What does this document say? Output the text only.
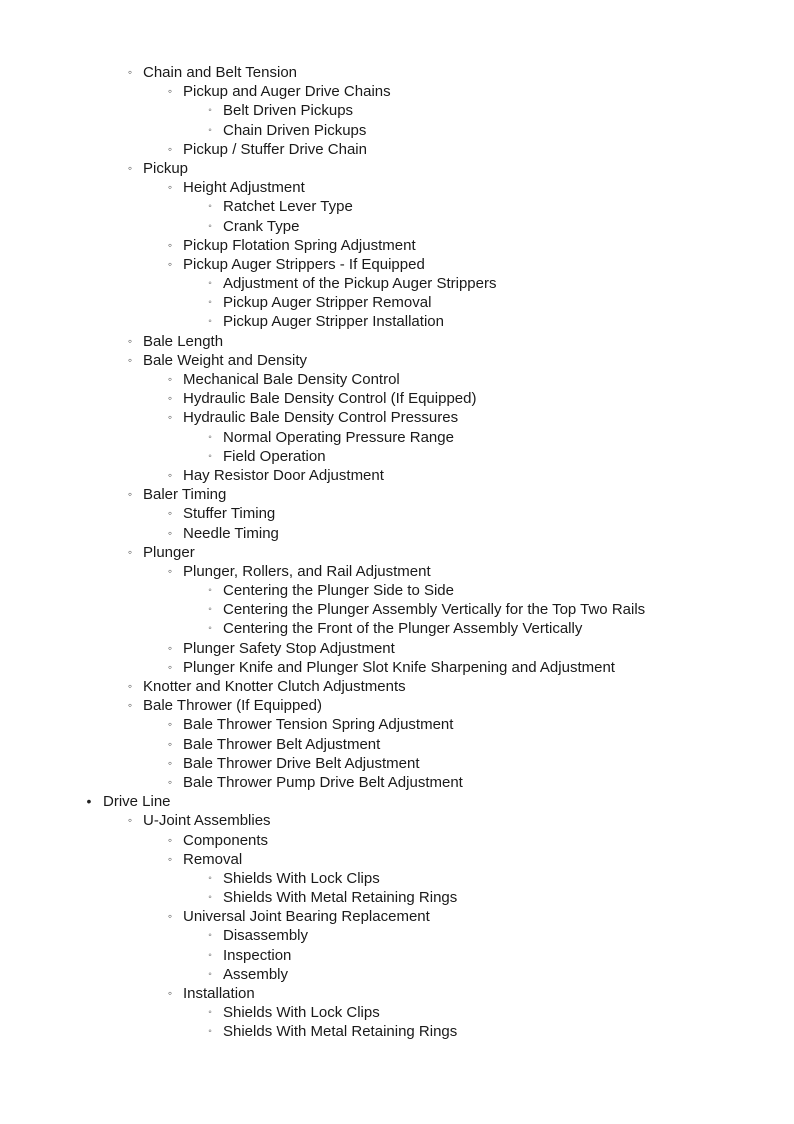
◦ Chain and Belt Tension
◦ Pickup and Auger Drive Chains
◦ Belt Driven Pickups
◦ Chain Driven Pickups
◦ Pickup / Stuffer Drive Chain
◦ Pickup
◦ Height Adjustment
◦ Ratchet Lever Type
◦ Crank Type
◦ Pickup Flotation Spring Adjustment
◦ Pickup Auger Strippers - If Equipped
◦ Adjustment of the Pickup Auger Strippers
◦ Pickup Auger Stripper Removal
◦ Pickup Auger Stripper Installation
◦ Bale Length
◦ Bale Weight and Density
◦ Mechanical Bale Density Control
◦ Hydraulic Bale Density Control (If Equipped)
◦ Hydraulic Bale Density Control Pressures
◦ Normal Operating Pressure Range
◦ Field Operation
◦ Hay Resistor Door Adjustment
◦ Baler Timing
◦ Stuffer Timing
◦ Needle Timing
◦ Plunger
◦ Plunger, Rollers, and Rail Adjustment
◦ Centering the Plunger Side to Side
◦ Centering the Plunger Assembly Vertically for the Top Two Rails
◦ Centering the Front of the Plunger Assembly Vertically
◦ Plunger Safety Stop Adjustment
◦ Plunger Knife and Plunger Slot Knife Sharpening and Adjustment
◦ Knotter and Knotter Clutch Adjustments
◦ Bale Thrower (If Equipped)
◦ Bale Thrower Tension Spring Adjustment
◦ Bale Thrower Belt Adjustment
◦ Bale Thrower Drive Belt Adjustment
◦ Bale Thrower Pump Drive Belt Adjustment
• Drive Line
◦ U-Joint Assemblies
◦ Components
◦ Removal
◦ Shields With Lock Clips
◦ Shields With Metal Retaining Rings
◦ Universal Joint Bearing Replacement
◦ Disassembly
◦ Inspection
◦ Assembly
◦ Installation
◦ Shields With Lock Clips
◦ Shields With Metal Retaining Rings
